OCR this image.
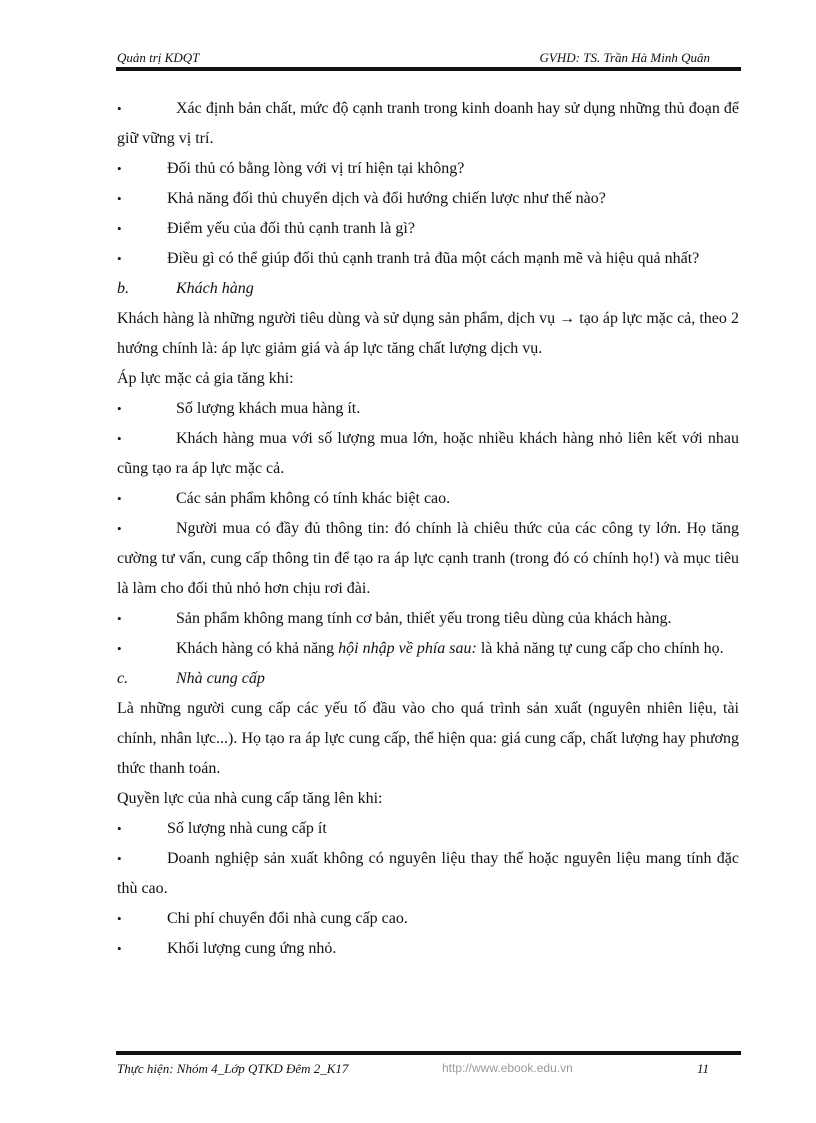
Quản trị KDQT	GVHD: TS. Trần Hà Minh Quân

•	Xác định bản chất, mức độ cạnh tranh trong kinh doanh hay sử dụng những thủ đoạn để giữ vững vị trí.

•	Đối thủ có bằng lòng với vị trí hiện tại không?

•	Khả năng đối thủ chuyển dịch và đổi hướng chiến lược như thế nào?

•	Điểm yếu của đối thủ cạnh tranh là gì?

•	Điều gì có thể giúp đối thủ cạnh tranh trả đũa một cách mạnh mẽ và hiệu quả nhất?

b.	Khách hàng

Khách hàng là những người tiêu dùng và sử dụng sản phẩm, dịch vụ → tạo áp lực mặc cả, theo 2 hướng chính là: áp lực giảm giá và áp lực tăng chất lượng dịch vụ.

Áp lực mặc cả gia tăng khi:

•	Số lượng khách mua hàng ít.

•	Khách hàng mua với số lượng mua lớn, hoặc nhiều khách hàng nhỏ liên kết với nhau cũng tạo ra áp lực mặc cả.

•	Các sản phẩm không có tính khác biệt cao.

•	Người mua có đầy đủ thông tin: đó chính là chiêu thức của các công ty lớn. Họ tăng cường tư vấn, cung cấp thông tin để tạo ra áp lực cạnh tranh (trong đó có chính họ!) và mục tiêu là làm cho đối thủ nhỏ hơn chịu rơi đài.

•	Sản phẩm không mang tính cơ bản, thiết yếu trong tiêu dùng của khách hàng.

•	Khách hàng có khả năng hội nhập về phía sau: là khả năng tự cung cấp cho chính họ.

c.	Nhà cung cấp

Là những người cung cấp các yếu tố đầu vào cho quá trình sản xuất (nguyên nhiên liệu, tài chính, nhân lực...). Họ tạo ra áp lực cung cấp, thể hiện qua: giá cung cấp, chất lượng hay phương thức thanh toán.

Quyền lực của nhà cung cấp tăng lên khi:

•	Số lượng nhà cung cấp ít

•	Doanh nghiệp sản xuất không có nguyên liệu thay thế hoặc nguyên liệu mang tính đặc thù cao.

•	Chi phí chuyển đổi nhà cung cấp cao.

•	Khối lượng cung ứng nhỏ.

Thực hiện: Nhóm 4_Lớp QTKD Đêm 2_K17	http://www.ebook.edu.vn	11
